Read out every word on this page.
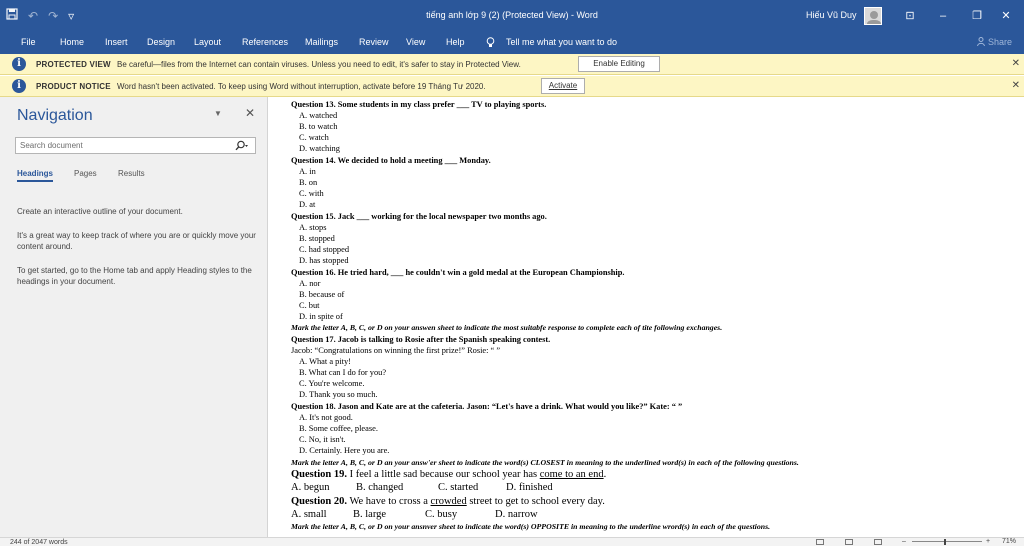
↶ ↷ ▿	tiếng anh lớp 9 (2) (Protected View) - Word	Hiếu Vũ Duy	⊡	–	❐	✕
File	Home Insert Design Layout References Mailings Review View Help	Tell me what you want to do	Share
i	PROTECTED VIEW Be careful—files from the Internet can contain viruses. Unless you need to edit, it's safer to stay in Protected View.	Enable Editing	✕
i	PRODUCT NOTICE Word hasn't been activated. To keep using Word without interruption, activate before 19 Tháng Tư 2020.	Activate	✕
Navigation	▼ ✕
Search document
Headings	Pages	Results
Create an interactive outline of your document.
It's a great way to keep track of where you are or quickly move your content around.
To get started, go to the Home tab and apply Heading styles to the headings in your document.
Question 13. Some students in my class prefer ___ TV to playing sports.
A. watched
B. to watch
C. watch
D. watching
Question 14. We decided to hold a meeting ___ Monday.
A. in
B. on
C. with
D. at
Question 15. Jack ___ working for the local newspaper two months ago.
A. stops
B. stopped
C. had stopped
D. has stopped
Question 16. He tried hard, ___ he couldn't win a gold medal at the European Championship.
A. nor
B. because of
C. but
D. in spite of
Mark the letter A, B, C, or D on your answen sheet to indicate the most suitabfe response to complete each of tite following exchanges.
Question 17. Jacob is talking to Rosie after the Spanish speaking contest.
Jacob: “Congratulations on winning the first prize!” Rosie: “ ”
A. What a pity!
B. What can I do for you?
C. You're welcome.
D. Thank you so much.
Question 18. Jason and Kate are at the cafeteria. Jason: “Let's have a drink. What would you like?” Kate: “ ”
A. It's not good.
B. Some coffee, please.
C. No, it isn't.
D. Certainly. Here you are.
Mark the letter A, B, C, or D an your answ'er sheet to indicate the word(s) CLOSEST in meaning to the underlined word(s) in each of the following questions.
Question 19. I feel a little sad because our school year has come to an end.
A. begun	B. changed	C. started	D. finished
Question 20. We have to cross a crowded street to get to school every day.
A. small	B. large	C. busy	D. narrow
Mark the letter A, B, C, or D on your ansnver sheet to indicate the word(s) OPPOSITE in meaning to the underline wrord(s) in each of the questions.
244 of 2047 words	–	+ 71%
